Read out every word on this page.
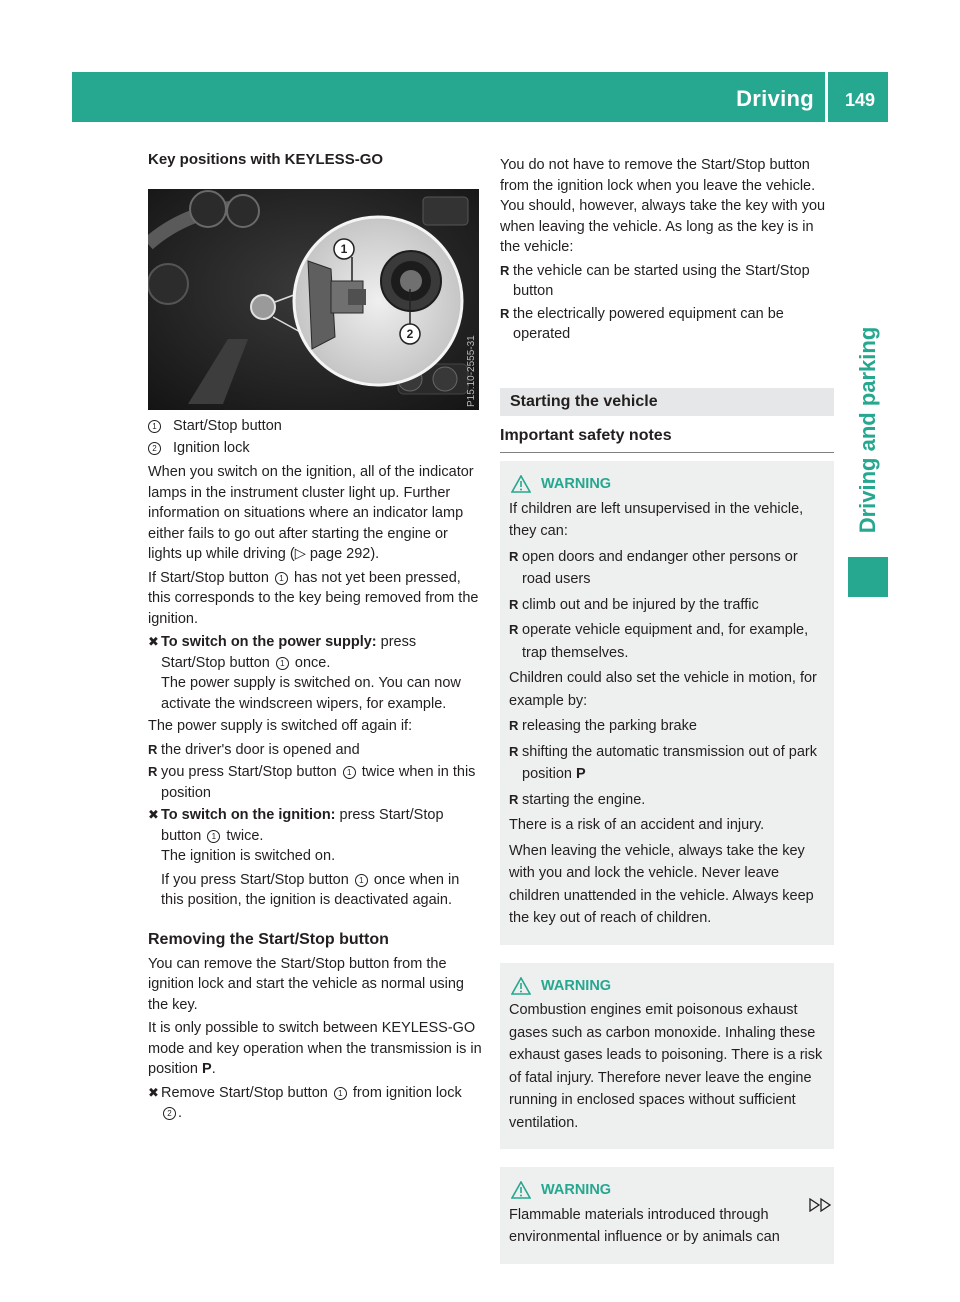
Driving	149
Driving and parking
Key positions with KEYLESS-GO
1
2
P15.10-2555-31
1 Start/Stop button
2 Ignition lock

When you switch on the ignition, all of the indicator lamps in the instrument cluster light up. Further information on situations where an indicator lamp either fails to go out after starting the engine or lights up while driving (▷ page 292).

If Start/Stop button 1 has not yet been pressed, this corresponds to the key being removed from the ignition.

✖ To switch on the power supply: press Start/Stop button 1 once.
The power supply is switched on. You can now activate the windscreen wipers, for example.

The power supply is switched off again if:

R the driver's door is opened and
R you press Start/Stop button 1 twice when in this position
✖ To switch on the ignition: press Start/Stop button 1 twice.
The ignition is switched on.

If you press Start/Stop button 1 once when in this position, the ignition is deactivated again.

Removing the Start/Stop button

You can remove the Start/Stop button from the ignition lock and start the vehicle as normal using the key.

It is only possible to switch between KEYLESS-GO mode and key operation when the transmission is in position P.

✖ Remove Start/Stop button 1 from ignition lock 2 .

You do not have to remove the Start/Stop button from the ignition lock when you leave the vehicle. You should, however, always take the key with you when leaving the vehicle. As long as the key is in the vehicle:

R the vehicle can be started using the Start/Stop button
R the electrically powered equipment can be operated
Starting the vehicle
Important safety notes
WARNING

If children are left unsupervised in the vehicle, they can:

R open doors and endanger other persons or road users
R climb out and be injured by the traffic
R operate vehicle equipment and, for example, trap themselves.

Children could also set the vehicle in motion, for example by:

R releasing the parking brake
R shifting the automatic transmission out of park position P
R starting the engine.

There is a risk of an accident and injury.

When leaving the vehicle, always take the key with you and lock the vehicle. Never leave children unattended in the vehicle. Always keep the key out of reach of children.

WARNING

Combustion engines emit poisonous exhaust gases such as carbon monoxide. Inhaling these exhaust gases leads to poisoning. There is a risk of fatal injury. Therefore never leave the engine running in enclosed spaces without sufficient ventilation.

WARNING

Flammable materials introduced through environmental influence or by animals can
